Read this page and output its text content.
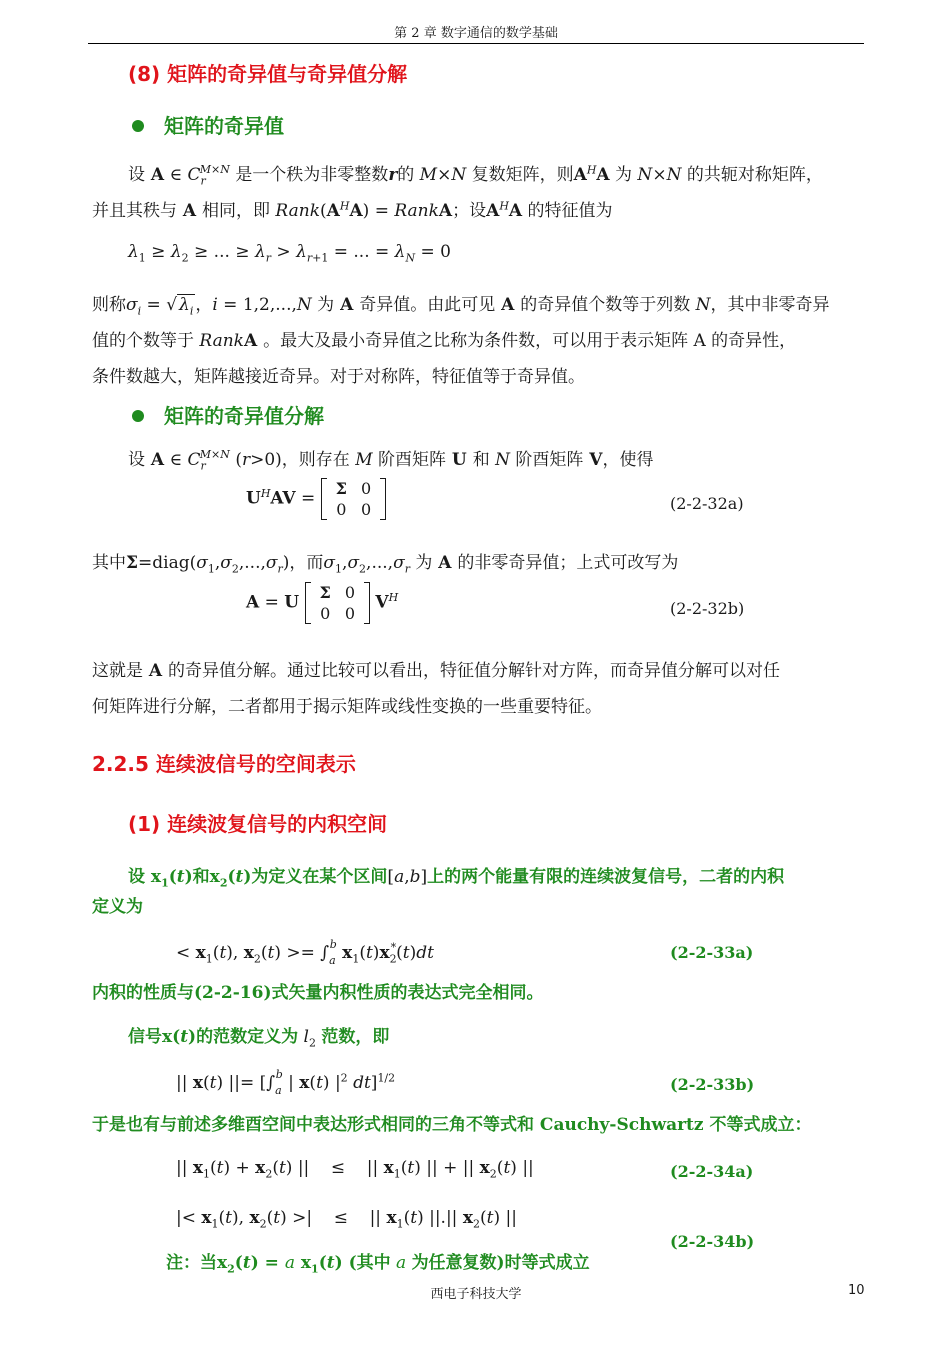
第 2 章 数字通信的数学基础
(8) 矩阵的奇异值与奇异值分解
矩阵的奇异值
设 A ∈ $C_r^{M\times N}$ 是一个秩为非零整数r的 M×N 复数矩阵，则$A^HA$ 为 N×N 的共轭对称矩阵，
并且其秩与 A 相同，即 $Rank(A^HA)$ = RankA；设$A^HA$ 的特征值为
$\lambda_1 \ge \lambda_2$ ≥ ... ≥ $\lambda_r > \lambda_{r+1}$ = ... = $\lambda_N = 0$
则称$\sigma_i$ = √ $\lambda_i$ ，i = 1,2,...,N 为 A 奇异值。由此可见 A 的奇异值个数等于列数 N，其中非零奇异
值的个数等于 RankA 。最大及最小奇异值之比称为条件数，可以用于表示矩阵 A 的奇异性，
条件数越大，矩阵越接近奇异。对于对称阵，特征值等于奇异值。
矩阵的奇异值分解
设 A ∈ $C_r^{M\times N}$ (r>0)，则存在 M 阶酉矩阵 U 和 N 阶酉矩阵 V，使得
$U^HAV = \Sigma$	0
0	0	(2-2-32a)
其中$\Sigma=diag(\sigma_1,\sigma_2,...,\sigma_r)$，而$\sigma_1,\sigma_2,...,\sigma_r$ 为 A 的非零奇异值；上式可改写为
A = U Σ	0
0	0
$V^H$
(2-2-32b)
这就是 A 的奇异值分解。通过比较可以看出，特征值分解针对方阵，而奇异值分解可以对任
何矩阵进行分解，二者都用于揭示矩阵或线性变换的一些重要特征。
2.2.5 连续波信号的空间表示
(1) 连续波复信号的内积空间
设 $x_1(t)$和$x_2(t)$为定义在某个区间[a,b]上的两个能量有限的连续波复信号，二者的内积
定义为
< $x_1(t)$, $x_2(t) >= \int_a^b$ $x_1(t)x_2^*(t)dt$	(2-2-33a)
内积的性质与(2-2-16)式矢量内积性质的表达式完全相同。
信号x(t)的范数定义为 $l_2$ 范数，即
|| x(t) ||= [$\int_a^b$ | x(t) $|^2$ dt]$^{1/2}$	(2-2-33b)
于是也有与前述多维酉空间中表达形式相同的三角不等式和 Cauchy-Schwartz 不等式成立：
|| $x_1(t) + x_2(t)$ ||    ≤    || $x_1(t)$ || + || $x_2(t)$ ||	(2-2-34a)
|< $x_1(t)$, $x_2(t)$ >|    ≤    || $x_1(t)$ ||.|| $x_2(t)$ ||
(2-2-34b)
注：当$x_2(t) = a$ $x_1(t)$ (其中 a 为任意复数)时等式成立
西电子科技大学	10
